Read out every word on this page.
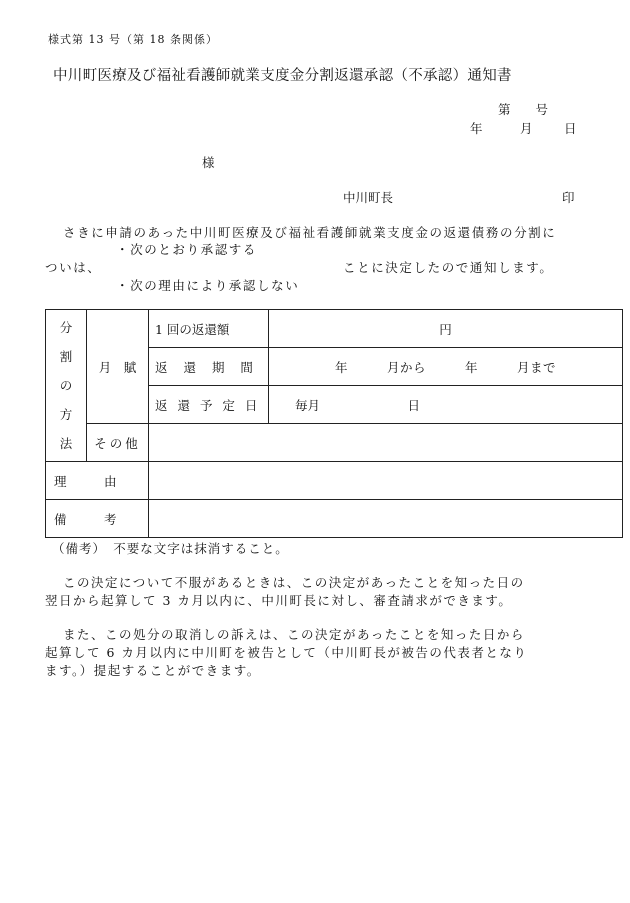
様式第 13 号（第 18 条関係）
中川町医療及び福祉看護師就業支度金分割返還承認（不承認）通知書
第　　号
年	月	日
様
中川町長	印
さきに申請のあった中川町医療及び福祉看護師就業支度金の返還債務の分割に
・次のとおり承認する
ついは、	ことに決定したので通知します。
・次の理由により承認しない
分
割
の
方
法	月　賦	1 回の返還額	円
		返 還 期 間	年　　　月から　　　年　　　月まで
		返 還 予 定 日	毎月　　　　　　　日
	その他		
理　　　由			
備　　　考			
（備考）　不要な文字は抹消すること。
この決定について不服があるときは、この決定があったことを知った日の
翌日から起算して 3 カ月以内に、中川町長に対し、審査請求ができます。
また、この処分の取消しの訴えは、この決定があったことを知った日から
起算して 6 カ月以内に中川町を被告として（中川町長が被告の代表者となり
ます。）提起することができます。
